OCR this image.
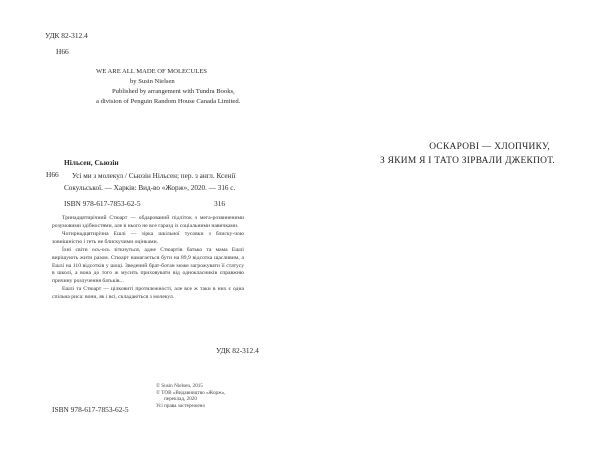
УДК 82-312.4
Н66
WE ARE ALL MADE OF MOLECULES
by Susin Nielsen
Published by arrangement with Tundra Books,
a division of Penguin Random House Canada Limited.
Нільсен, Сьюзін
Н66	Усі ми з молекул / Сьюзін Нільсен; пер. з англ. Ксенії Сокульської. — Харків: Вид-во «Жорж», 2020. — 316 с.
ISBN 978-617-7853-62-5	316

Тринадцятирічний Стюарт — обдарований підліток з мега-розвиненими розумовими здібностями, але в нього не все гаразд із соціальними навичками.

Чотирнадцятирічна Ешлі — зірка шкільної тусовки з блиску-чою зовнішністю і геть не блискучими оцінками.

Їхні світи ось-ось зіткнуться, адже Стюартів батько та мама Ешлі вирішують жити разом. Стюарт намагається бути на 89,9 відсотка щасливим, а Ешлі на 110 відсотків у шоці. Зведений брат-ботан може загрожувати її статусу в школі, а вона до того ж мусить приховувати від однокласників справжню причину розлучення батьків...

Ешлі та Стюарт — цілковиті протилежності, але все ж таки в них є одна спільна риса: вони, як і всі, складаються з молекул.

УДК 82-312.4
© Susin Nielsen, 2015
© ТОВ «Видавництво «Жорж»,
переклад, 2020
Усі права застережено
ISBN 978-617-7853-62-5
ОСКАРОВІ — ХЛОПЧИКУ,
З ЯКИМ Я І ТАТО ЗІРВАЛИ ДЖЕКПОТ.
